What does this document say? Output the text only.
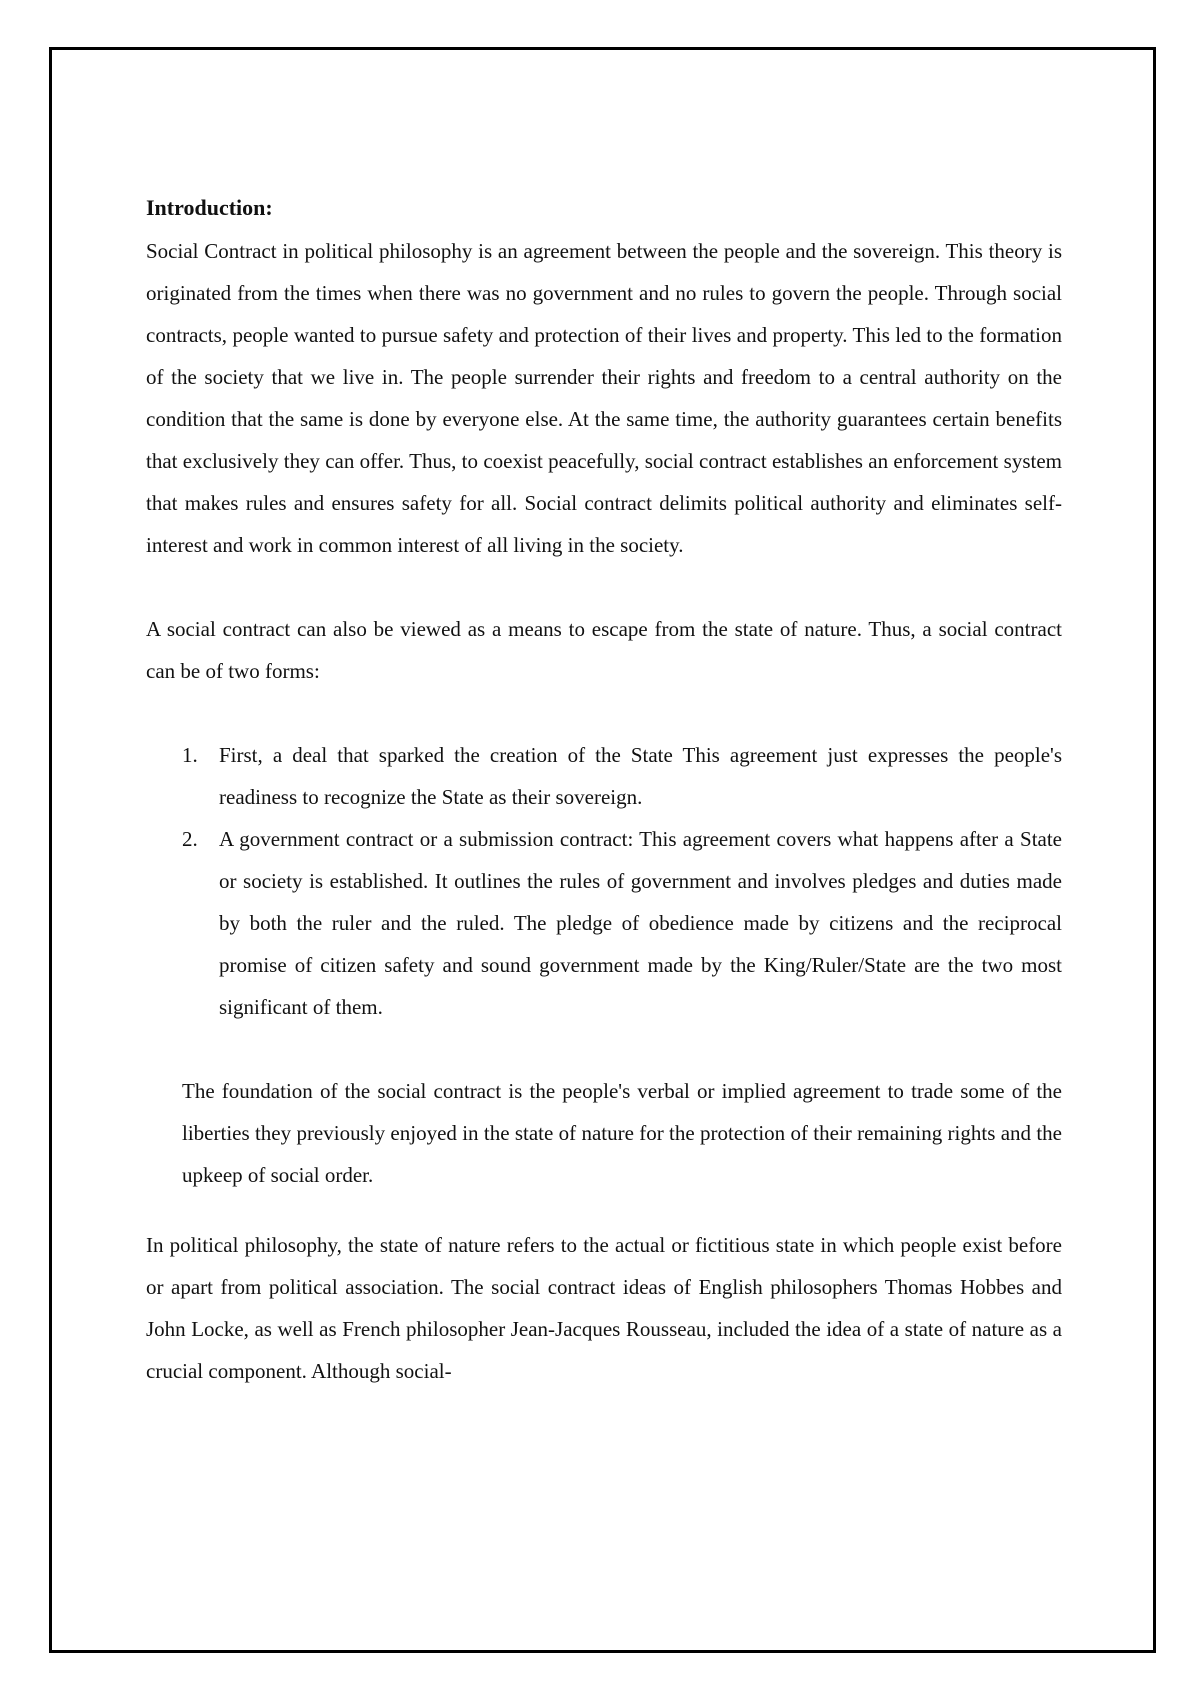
Introduction:

Social Contract in political philosophy is an agreement between the people and the sovereign. This theory is originated from the times when there was no government and no rules to govern the people. Through social contracts, people wanted to pursue safety and protection of their lives and property. This led to the formation of the society that we live in. The people surrender their rights and freedom to a central authority on the condition that the same is done by everyone else. At the same time, the authority guarantees certain benefits that exclusively they can offer. Thus, to coexist peacefully, social contract establishes an enforcement system that makes rules and ensures safety for all. Social contract delimits political authority and eliminates self-interest and work in common interest of all living in the society.

A social contract can also be viewed as a means to escape from the state of nature. Thus, a social contract can be of two forms:

1. First, a deal that sparked the creation of the State This agreement just expresses the people's readiness to recognize the State as their sovereign.
2. A government contract or a submission contract: This agreement covers what happens after a State or society is established. It outlines the rules of government and involves pledges and duties made by both the ruler and the ruled. The pledge of obedience made by citizens and the reciprocal promise of citizen safety and sound government made by the King/Ruler/State are the two most significant of them.

The foundation of the social contract is the people's verbal or implied agreement to trade some of the liberties they previously enjoyed in the state of nature for the protection of their remaining rights and the upkeep of social order.

In political philosophy, the state of nature refers to the actual or fictitious state in which people exist before or apart from political association. The social contract ideas of English philosophers Thomas Hobbes and John Locke, as well as French philosopher Jean-Jacques Rousseau, included the idea of a state of nature as a crucial component. Although social-
